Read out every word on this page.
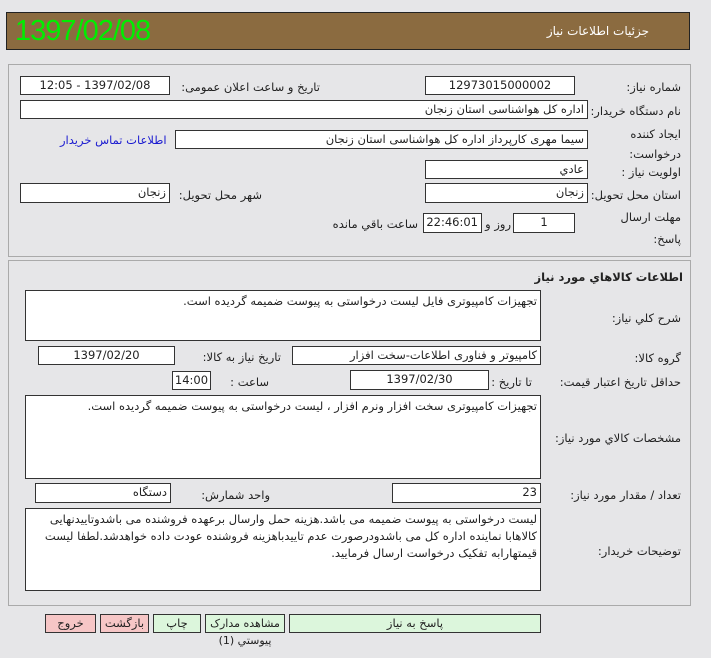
1397/02/08	جزئیات اطلاعات نیاز
شماره نیاز:
12973015000002
تاریخ و ساعت اعلان عمومی:
1397/02/08 - 12:05
نام دستگاه خریدار:
اداره کل هواشناسی استان زنجان
ایجاد کننده
درخواست:
سیما مهری کارپرداز اداره کل هواشناسی استان زنجان
اطلاعات تماس خریدار
اولویت نیاز :
عادي
استان محل تحویل:
زنجان
شهر محل تحویل:
زنجان
مهلت ارسال
پاسخ:
1
روز و
22:46:01
ساعت باقي مانده
اطلاعات كالاهاي مورد نياز
شرح كلي نياز:
تجهیزات کامپیوتری فایل لیست درخواستی به پیوست ضمیمه گردیده است.
گروه كالا:
کامپیوتر و فناوری اطلاعات-سخت افزار
تاريخ نياز به كالا:
1397/02/20
حداقل تاريخ اعتبار قيمت:
تا تاريخ :
1397/02/30
ساعت :
14:00
مشخصات كالاي مورد نياز:
تجهیزات کامپیوتری سخت افزار ونرم افزار ، لیست درخواستی به پیوست ضمیمه گردیده است.
تعداد / مقدار مورد نياز:
23
واحد شمارش:
دستگاه
توضيحات خريدار:
لیست درخواستی به پیوست ضمیمه می باشد.هزینه حمل وارسال برعهده فروشنده می باشدوتاییدنهایی کالاهابا نماینده اداره کل می باشدودرصورت عدم تاییدباهزینه فروشنده عودت داده خواهدشد.لطفا لیست قیمتهارابه تفکیک درخواست ارسال فرمایید.
پاسخ به نياز
مشاهده مدارک پيوستي (1)
چاپ
بازگشت
خروج
